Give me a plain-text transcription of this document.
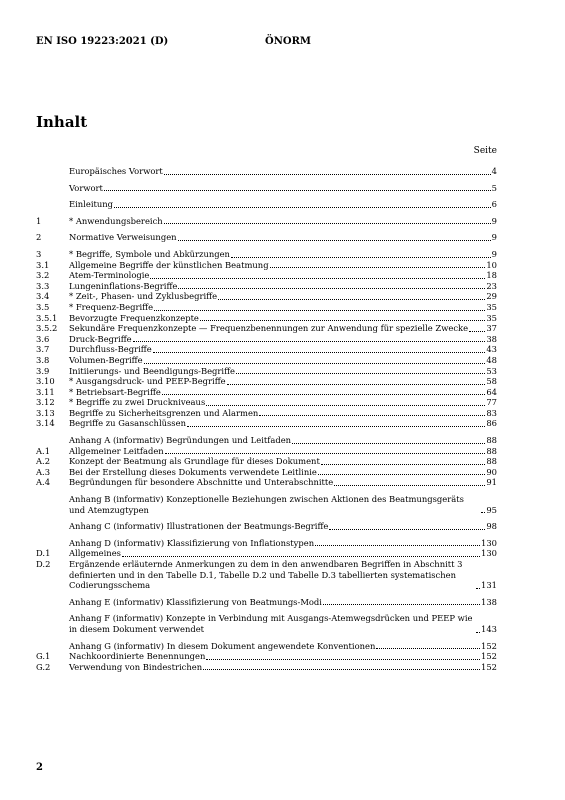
EN ISO 19223:2021 (D)	ÖNORM
Inhalt
Seite
Europäisches Vorwort	4
Vorwort	5
Einleitung	6
1	* Anwendungsbereich	9
2	Normative Verweisungen	9
3	* Begriffe, Symbole und Abkürzungen	9
3.1	Allgemeine Begriffe der künstlichen Beatmung	10
3.2	Atem-Terminologie	18
3.3	Lungeninflations-Begriffe	23
3.4	* Zeit-, Phasen- und Zyklusbegriffe	29
3.5	* Frequenz-Begriffe	35
3.5.1	Bevorzugte Frequenzkonzepte	35
3.5.2	Sekundäre Frequenzkonzepte — Frequenzbenennungen zur Anwendung für spezielle Zwecke 37
3.6	Druck-Begriffe	38
3.7	Durchfluss-Begriffe	43
3.8	Volumen-Begriffe	48
3.9	Initiierungs- und Beendigungs-Begriffe	53
3.10	* Ausgangsdruck- und PEEP-Begriffe	58
3.11	* Betriebsart-Begriffe	64
3.12	* Begriffe zu zwei Druckniveaus	77
3.13	Begriffe zu Sicherheitsgrenzen und Alarmen	83
3.14	Begriffe zu Gasanschlüssen	86
Anhang A (informativ) Begründungen und Leitfaden	88
A.1	Allgemeiner Leitfaden	88
A.2	Konzept der Beatmung als Grundlage für dieses Dokument	88
A.3	Bei der Erstellung dieses Dokuments verwendete Leitlinie	90
A.4	Begründungen für besondere Abschnitte und Unterabschnitte	91
Anhang B (informativ) Konzeptionelle Beziehungen zwischen Aktionen des Beatmungsgeräts und Atemzugtypen	95
Anhang C (informativ) Illustrationen der Beatmungs-Begriffe	98
Anhang D (informativ) Klassifizierung von Inflationstypen	130
D.1	Allgemeines	130
D.2	Ergänzende erläuternde Anmerkungen zu dem in den anwendbaren Begriffen in Abschnitt 3 definierten und in den Tabelle D.1, Tabelle D.2 und Tabelle D.3 tabellierten systematischen Codierungsschema	131
Anhang E (informativ) Klassifizierung von Beatmungs-Modi	138
Anhang F (informativ) Konzepte in Verbindung mit Ausgangs-Atemwegsdrücken und PEEP wie in diesem Dokument verwendet	143
Anhang G (informativ) In diesem Dokument angewendete Konventionen	152
G.1	Nachkoordinierte Benennungen	152
G.2	Verwendung von Bindestrichen	152
2
